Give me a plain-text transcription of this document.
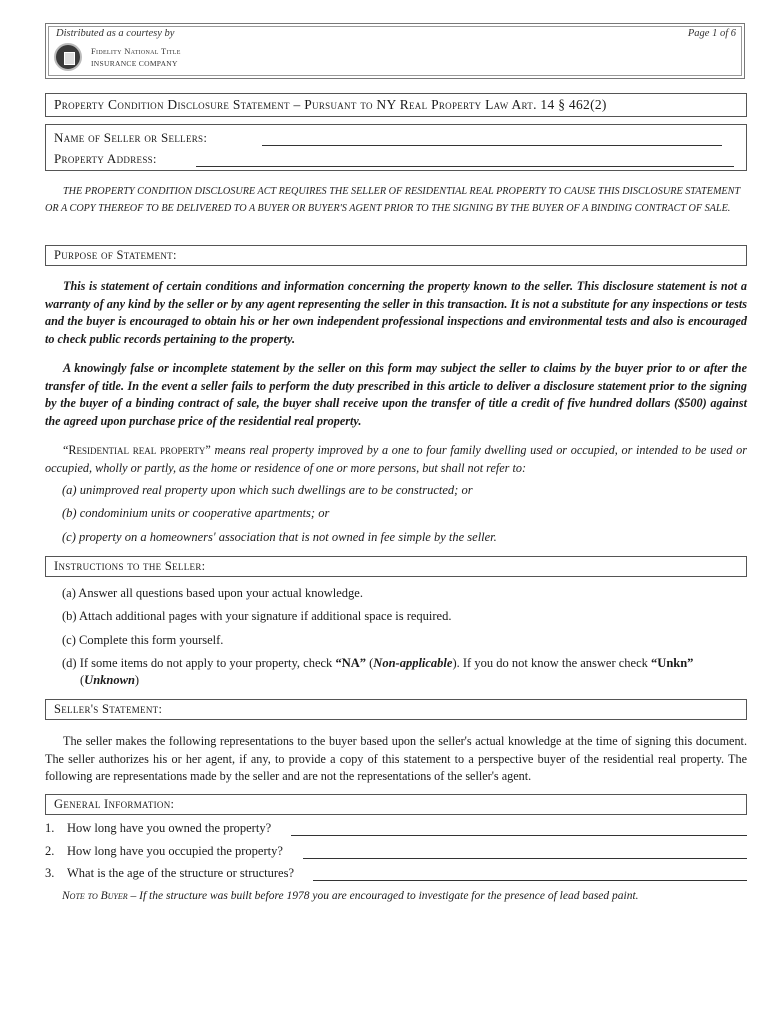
Distributed as a courtesy by	Page 1 of 6
Fidelity National Title
INSURANCE COMPANY
Property Condition Disclosure Statement – Pursuant to NY Real Property Law Art. 14 § 462(2)
Name of Seller or Sellers:
Property Address:
THE PROPERTY CONDITION DISCLOSURE ACT REQUIRES THE SELLER OF RESIDENTIAL REAL PROPERTY TO CAUSE THIS DISCLOSURE STATEMENT OR A COPY THEREOF TO BE DELIVERED TO A BUYER OR BUYER'S AGENT PRIOR TO THE SIGNING BY THE BUYER OF A BINDING CONTRACT OF SALE.
Purpose of Statement:
This is statement of certain conditions and information concerning the property known to the seller. This disclosure statement is not a warranty of any kind by the seller or by any agent representing the seller in this transaction. It is not a substitute for any inspections or tests and the buyer is encouraged to obtain his or her own independent professional inspections and environmental tests and also is encouraged to check public records pertaining to the property.
A knowingly false or incomplete statement by the seller on this form may subject the seller to claims by the buyer prior to or after the transfer of title. In the event a seller fails to perform the duty prescribed in this article to deliver a disclosure statement prior to the signing by the buyer of a binding contract of sale, the buyer shall receive upon the transfer of title a credit of five hundred dollars ($500) against the agreed upon purchase price of the residential real property.
“Residential real property” means real property improved by a one to four family dwelling used or occupied, or intended to be used or occupied, wholly or partly, as the home or residence of one or more persons, but shall not refer to:
(a) unimproved real property upon which such dwellings are to be constructed; or
(b) condominium units or cooperative apartments; or
(c) property on a homeowners' association that is not owned in fee simple by the seller.
Instructions to the Seller:
(a) Answer all questions based upon your actual knowledge.
(b) Attach additional pages with your signature if additional space is required.
(c) Complete this form yourself.
(d) If some items do not apply to your property, check “NA” (Non-applicable). If you do not know the answer check “Unkn” (Unknown)
Seller's Statement:
The seller makes the following representations to the buyer based upon the seller's actual knowledge at the time of signing this document. The seller authorizes his or her agent, if any, to provide a copy of this statement to a perspective buyer of the residential real property. The following are representations made by the seller and are not the representations of the seller's agent.
General Information:
1. How long have you owned the property?
2. How long have you occupied the property?
3. What is the age of the structure or structures?
Note to Buyer – If the structure was built before 1978 you are encouraged to investigate for the presence of lead based paint.
